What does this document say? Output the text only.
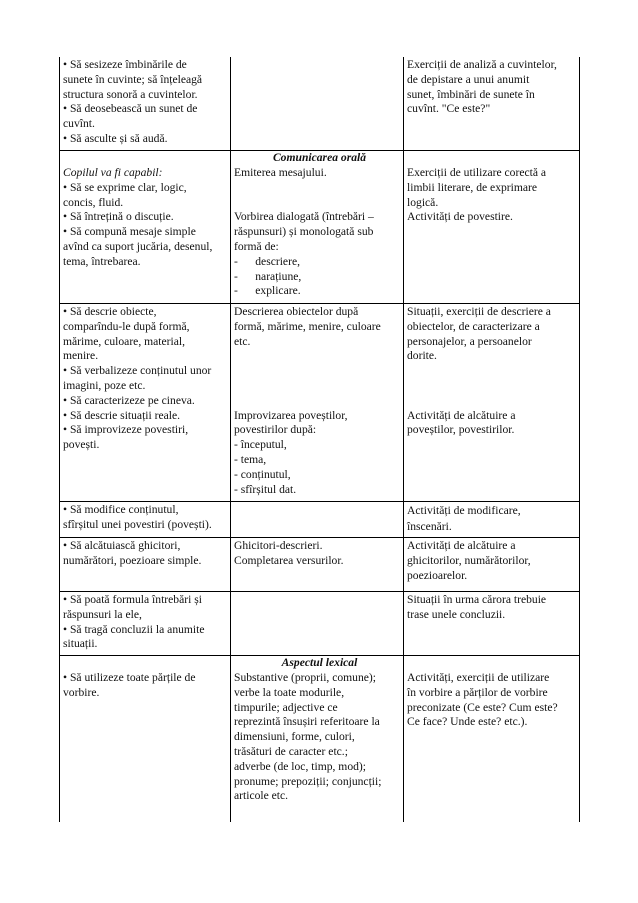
• Să sesizeze îmbinările de
sunete în cuvinte; să înțeleagă
structura sonoră a cuvintelor.
• Să deosebească un sunet de
cuvînt.
• Să asculte și să audă.
Exerciții de analiză a cuvintelor,
de depistare a unui anumit
sunet, îmbinări de sunete în
cuvînt. "Ce este?"
Comunicarea orală
Copilul va fi capabil:
• Să se exprime clar, logic,
concis, fluid.
• Să întrețină o discuție.
• Să compună mesaje simple
avînd ca suport jucăria, desenul,
tema, întrebarea.
Emiterea mesajului.
Vorbirea dialogată (întrebări –
răspunsuri) și monologată sub
formă de:
-      descriere,
-      narațiune,
-      explicare.
Exerciții de utilizare corectă a
limbii literare, de exprimare
logică.
Activități de povestire.
• Să descrie obiecte,
comparîndu-le după formă,
mărime, culoare, material,
menire.
• Să verbalizeze conținutul unor
imagini, poze etc.
• Să caracterizeze pe cineva.
• Să descrie situații reale.
• Să improvizeze povestiri,
povești.
Descrierea obiectelor după
formă, mărime, menire, culoare
etc.
Improvizarea poveștilor,
povestirilor după:
- începutul,
- tema,
- conținutul,
- sfîrșitul dat.
Situații, exerciții de descriere a
obiectelor, de caracterizare a
personajelor, a persoanelor
dorite.
Activități de alcătuire a
poveștilor, povestirilor.
• Să modifice conținutul,
sfîrșitul unei povestiri (povești).
Activități de modificare,
înscenări.
• Să alcătuiască ghicitori,
numărători, poezioare simple.
Ghicitori-descrieri.
Completarea versurilor.
Activități de alcătuire a
ghicitorilor, numărătorilor,
poezioarelor.
• Să poată formula întrebări și
răspunsuri la ele,
• Să tragă concluzii la anumite
situații.
Situații în urma cărora trebuie
trase unele concluzii.
Aspectul lexical
• Să utilizeze toate părțile de
vorbire.
Substantive (proprii, comune);
verbe la toate modurile,
timpurile; adjective ce
reprezintă însușiri referitoare la
dimensiuni, forme, culori,
trăsături de caracter etc.;
adverbe (de loc, timp, mod);
pronume; prepoziții; conjuncții;
articole etc.
Activități, exerciții de utilizare
în vorbire a părților de vorbire
preconizate (Ce este? Cum este?
Ce face? Unde este? etc.).
